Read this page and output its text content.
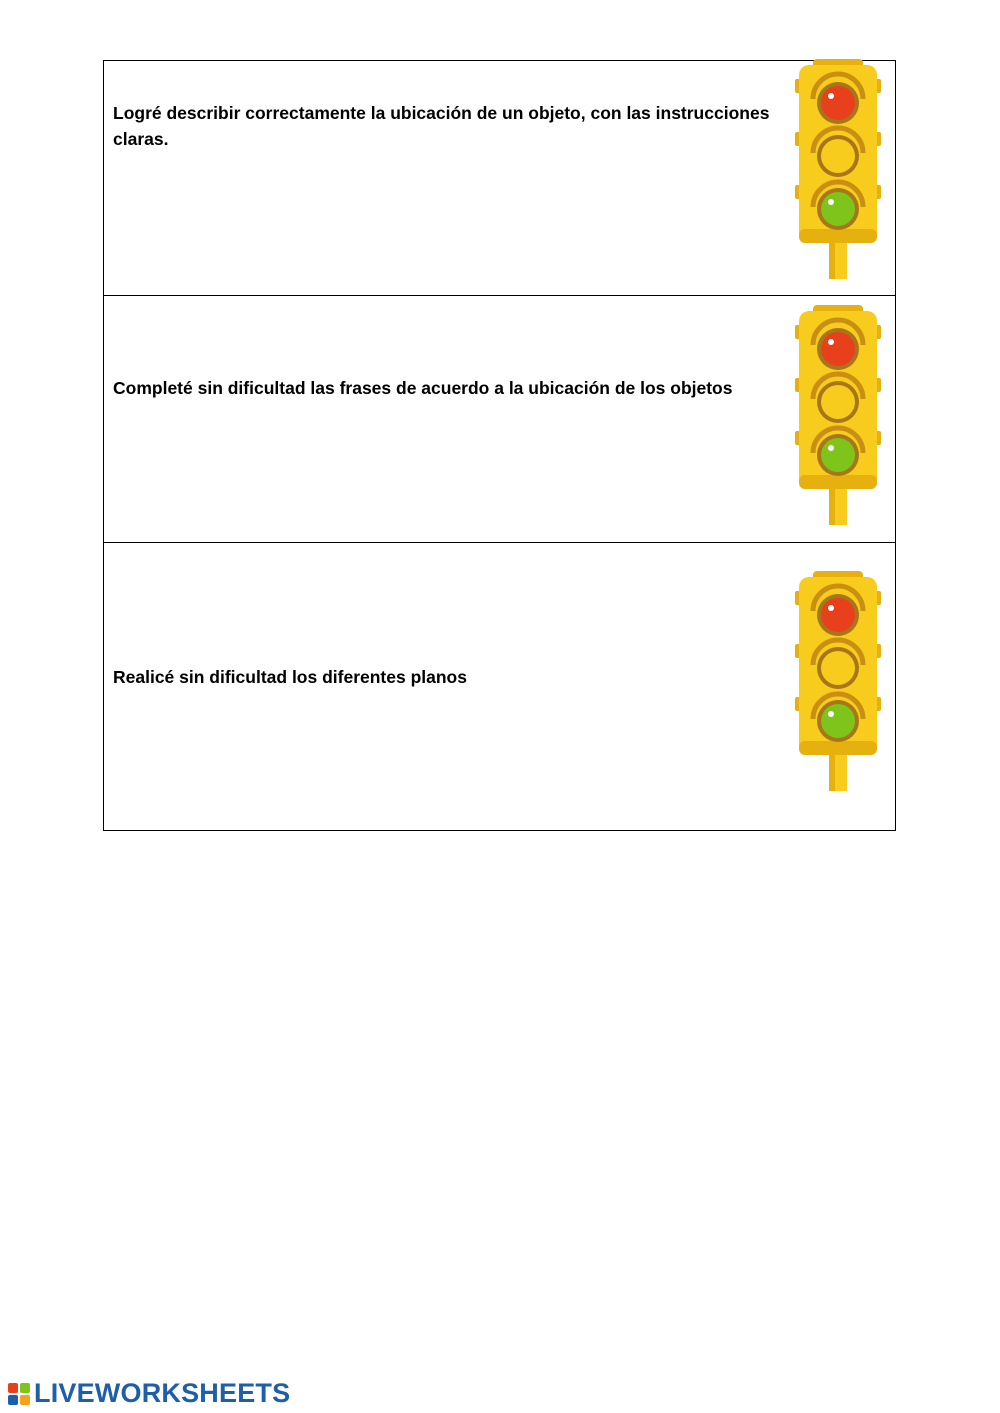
Logré describir correctamente la ubicación de un objeto, con las instrucciones claras.
Completé sin dificultad las frases de acuerdo a la ubicación de los objetos
Realicé sin dificultad los diferentes planos
LIVEWORKSHEETS
